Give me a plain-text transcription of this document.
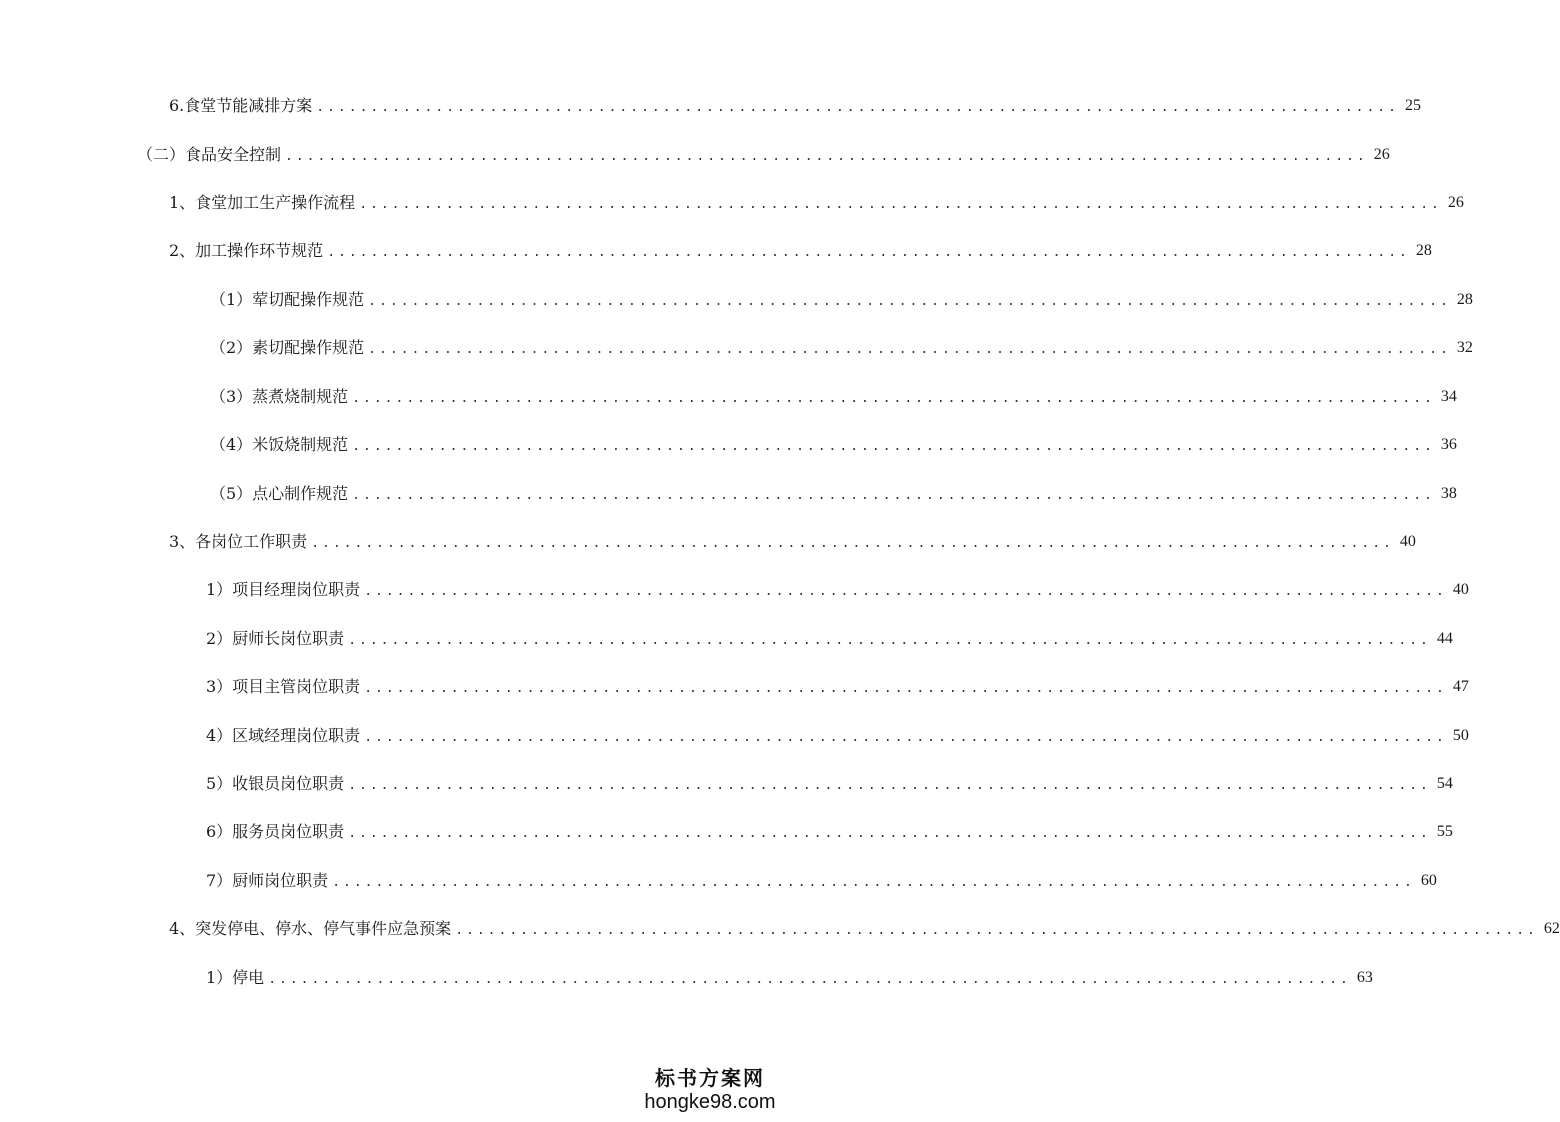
6.食堂节能减排方案 .................................................................................................... 25
（二）食品安全控制 .................................................................................................... 26
1、食堂加工生产操作流程 .................................................................................................... 26
2、加工操作环节规范 .................................................................................................... 28
（1）荤切配操作规范 .................................................................................................... 28
（2）素切配操作规范 .................................................................................................... 32
（3）蒸煮烧制规范 .................................................................................................... 34
（4）米饭烧制规范 .................................................................................................... 36
（5）点心制作规范 .................................................................................................... 38
3、各岗位工作职责 .................................................................................................... 40
1）项目经理岗位职责 .................................................................................................... 40
2）厨师长岗位职责 .................................................................................................... 44
3）项目主管岗位职责 .................................................................................................... 47
4）区域经理岗位职责 .................................................................................................... 50
5）收银员岗位职责 .................................................................................................... 54
6）服务员岗位职责 .................................................................................................... 55
7）厨师岗位职责 .................................................................................................... 60
4、突发停电、停水、停气事件应急预案 .................................................................................................... 62
1）停电 .................................................................................................... 63
标书方案网
hongke98.com
